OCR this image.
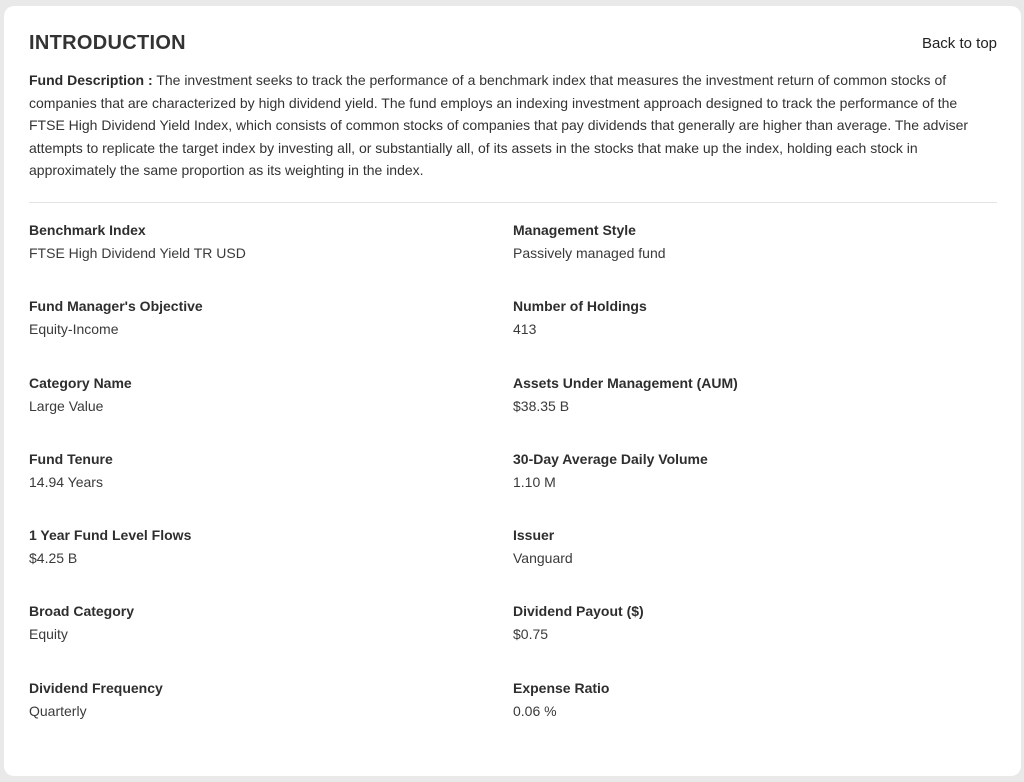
INTRODUCTION	Back to top

Fund Description : The investment seeks to track the performance of a benchmark index that measures the investment return of common stocks of companies that are characterized by high dividend yield. The fund employs an indexing investment approach designed to track the performance of the FTSE High Dividend Yield Index, which consists of common stocks of companies that pay dividends that generally are higher than average. The adviser attempts to replicate the target index by investing all, or substantially all, of its assets in the stocks that make up the index, holding each stock in approximately the same proportion as its weighting in the index.

Benchmark Index
FTSE High Dividend Yield TR USD
Management Style
Passively managed fund
Fund Manager's Objective
Equity-Income
Number of Holdings
413
Category Name
Large Value
Assets Under Management (AUM)
$38.35 B
Fund Tenure
14.94 Years
30-Day Average Daily Volume
1.10 M
1 Year Fund Level Flows
$4.25 B
Issuer
Vanguard
Broad Category
Equity
Dividend Payout ($)
$0.75
Dividend Frequency
Quarterly
Expense Ratio
0.06 %
